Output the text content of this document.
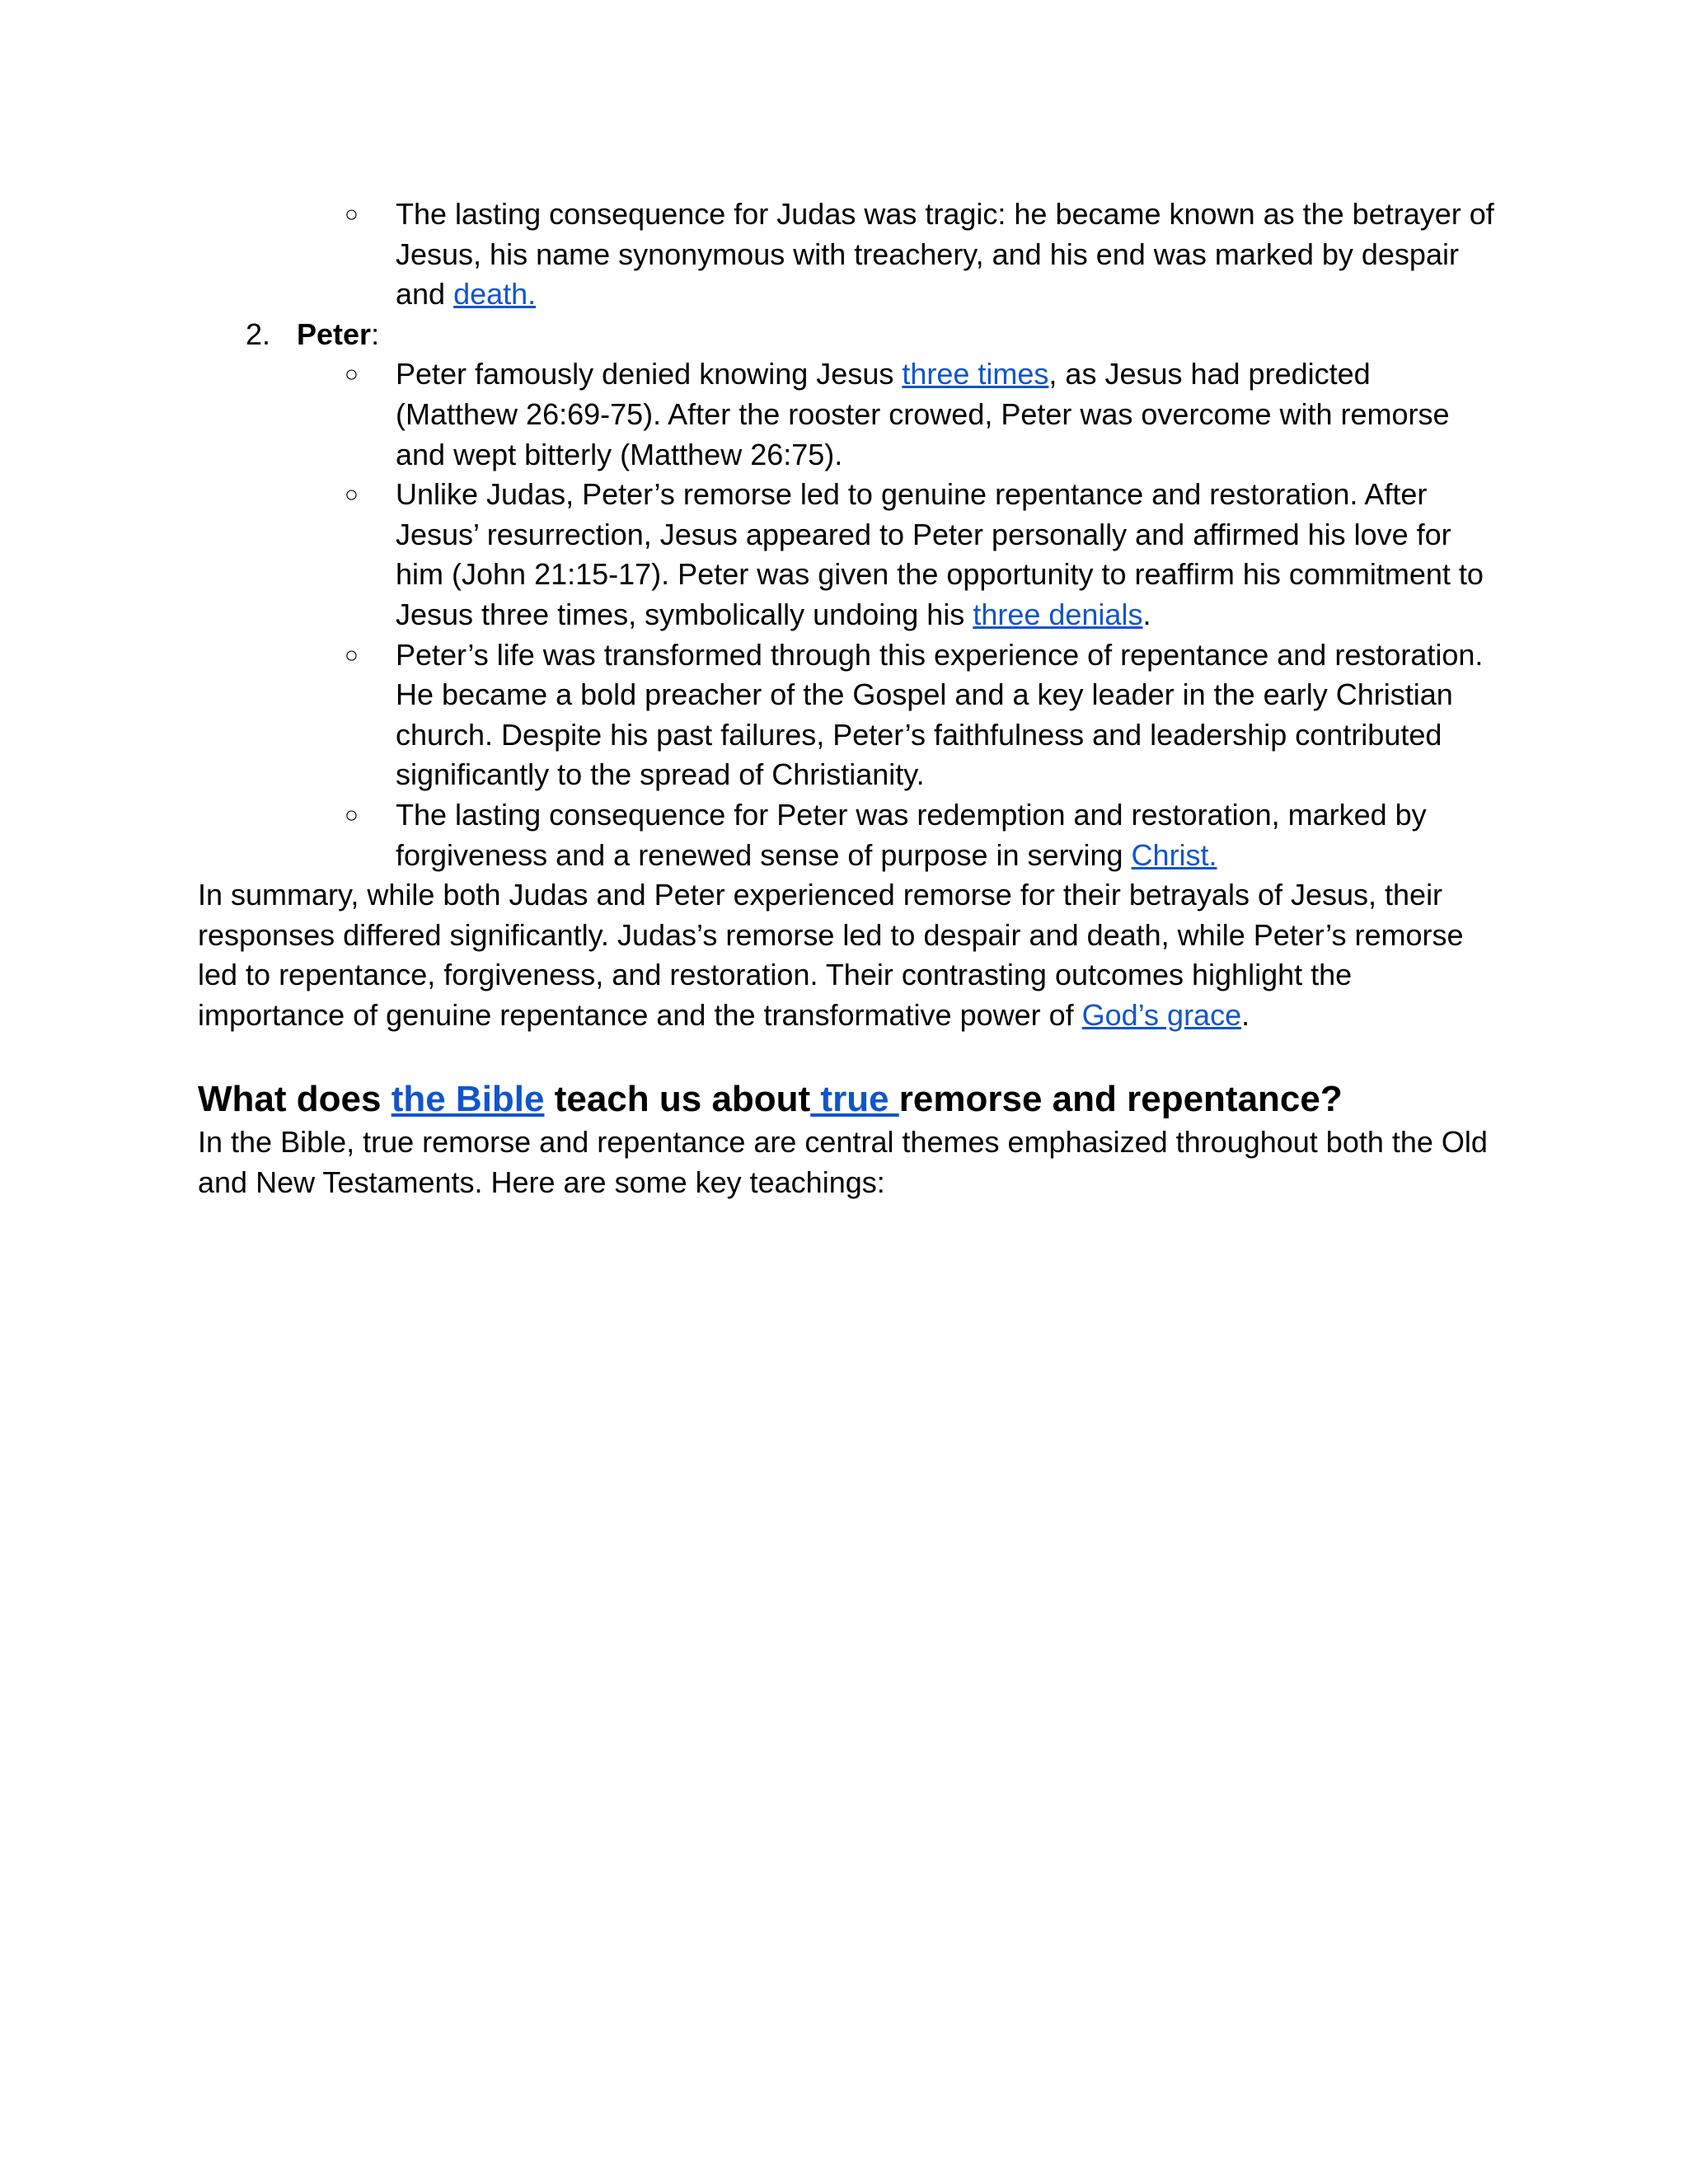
○ The lasting consequence for Judas was tragic: he became known as the betrayer of Jesus, his name synonymous with treachery, and his end was marked by despair and death.

2. Peter:

○ Peter famously denied knowing Jesus three times, as Jesus had predicted (Matthew 26:69-75). After the rooster crowed, Peter was overcome with remorse and wept bitterly (Matthew 26:75).

○ Unlike Judas, Peter’s remorse led to genuine repentance and restoration. After Jesus’ resurrection, Jesus appeared to Peter personally and affirmed his love for him (John 21:15-17). Peter was given the opportunity to reaffirm his commitment to Jesus three times, symbolically undoing his three denials.

○ Peter’s life was transformed through this experience of repentance and restoration. He became a bold preacher of the Gospel and a key leader in the early Christian church. Despite his past failures, Peter’s faithfulness and leadership contributed significantly to the spread of Christianity.

○ The lasting consequence for Peter was redemption and restoration, marked by forgiveness and a renewed sense of purpose in serving Christ.

In summary, while both Judas and Peter experienced remorse for their betrayals of Jesus, their responses differed significantly. Judas’s remorse led to despair and death, while Peter’s remorse led to repentance, forgiveness, and restoration. Their contrasting outcomes highlight the importance of genuine repentance and the transformative power of God’s grace.

What does the Bible teach us about true remorse and repentance?

In the Bible, true remorse and repentance are central themes emphasized throughout both the Old and New Testaments. Here are some key teachings:
